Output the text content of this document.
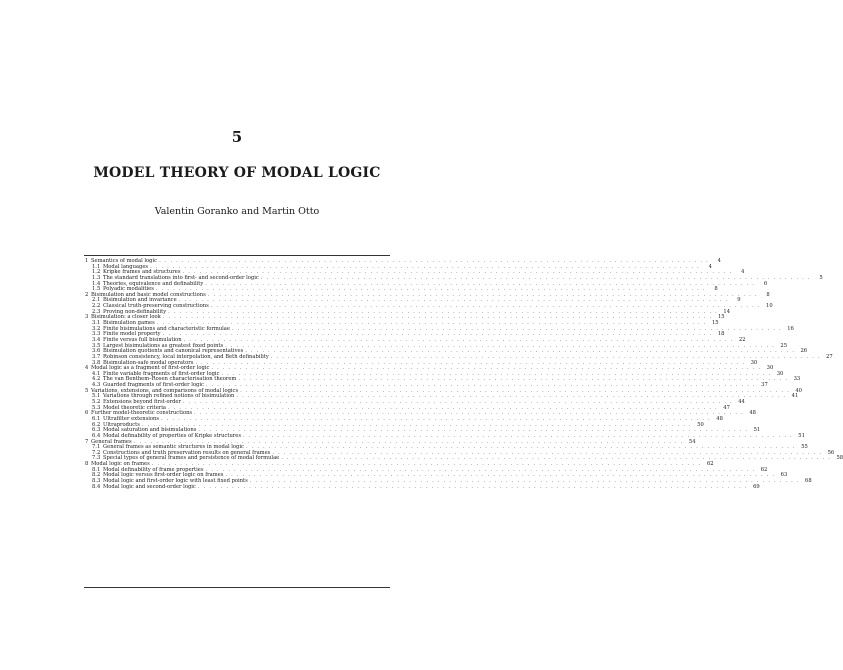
5
MODEL THEORY OF MODAL LOGIC
Valentin Goranko and Martin Otto
1 Semantics of modal logic . . .	4
1.1 Modal languages . . .	4
1.2 Kripke frames and structures . . .	4
1.3 The standard translations into first- and second-order logic . . .	5
1.4 Theories, equivalence and definability . . .	6
1.5 Polyadic modalities . . .	8
2 Bisimulation and basic model constructions . . .	8
2.1 Bisimulation and invariance . . .	9
2.2 Classical truth-preserving constructions . . .	10
2.3 Proving non-definability . . .	14
3 Bisimulation: a closer look . . .	15
3.1 Bisimulation games . . .	15
3.2 Finite bisimulations and characteristic formulae . . .	16
3.3 Finite model property . . .	18
3.4 Finite versus full bisimulation . . .	22
3.5 Largest bisimulations as greatest fixed points . . .	25
3.6 Bisimulation quotients and canonical representatives . . .	26
3.7 Robinson consistency, local interpolation, and Beth definability . . .	27
3.8 Bisimulation-safe modal operators . . .	30
4 Modal logic as a fragment of first-order logic . . .	30
4.1 Finite variable fragments of first-order logic . . .	30
4.2 The van Benthem–Rosen characterisation theorem . . .	33
4.3 Guarded fragments of first-order logic . . .	37
5 Variations, extensions, and comparisons of modal logics . . .	40
5.1 Variations through refined notions of bisimulation . . .	41
5.2 Extensions beyond first-order . . .	44
5.3 Model theoretic criteria . . .	47
6 Further model-theoretic constructions . . .	48
6.1 Ultrafilter extensions . . .	48
6.2 Ultraproducts . . .	50
6.3 Modal saturation and bisimulations . . .	51
6.4 Modal definability of properties of Kripke structures . . .	51
7 General frames . . .	54
7.1 General frames as semantic structures in modal logic . . .	55
7.2 Constructions and truth preservation results on general frames . . .	56
7.3 Special types of general frames and persistence of modal formulae . . .	58
8 Modal logic on frames . . .	62
8.1 Modal definability of frame properties . . .	62
8.2 Modal logic versus first-order logic on frames . . .	63
8.3 Modal logic and first-order logic with least fixed points . . .	68
8.4 Modal logic and second-order logic . . .	69
